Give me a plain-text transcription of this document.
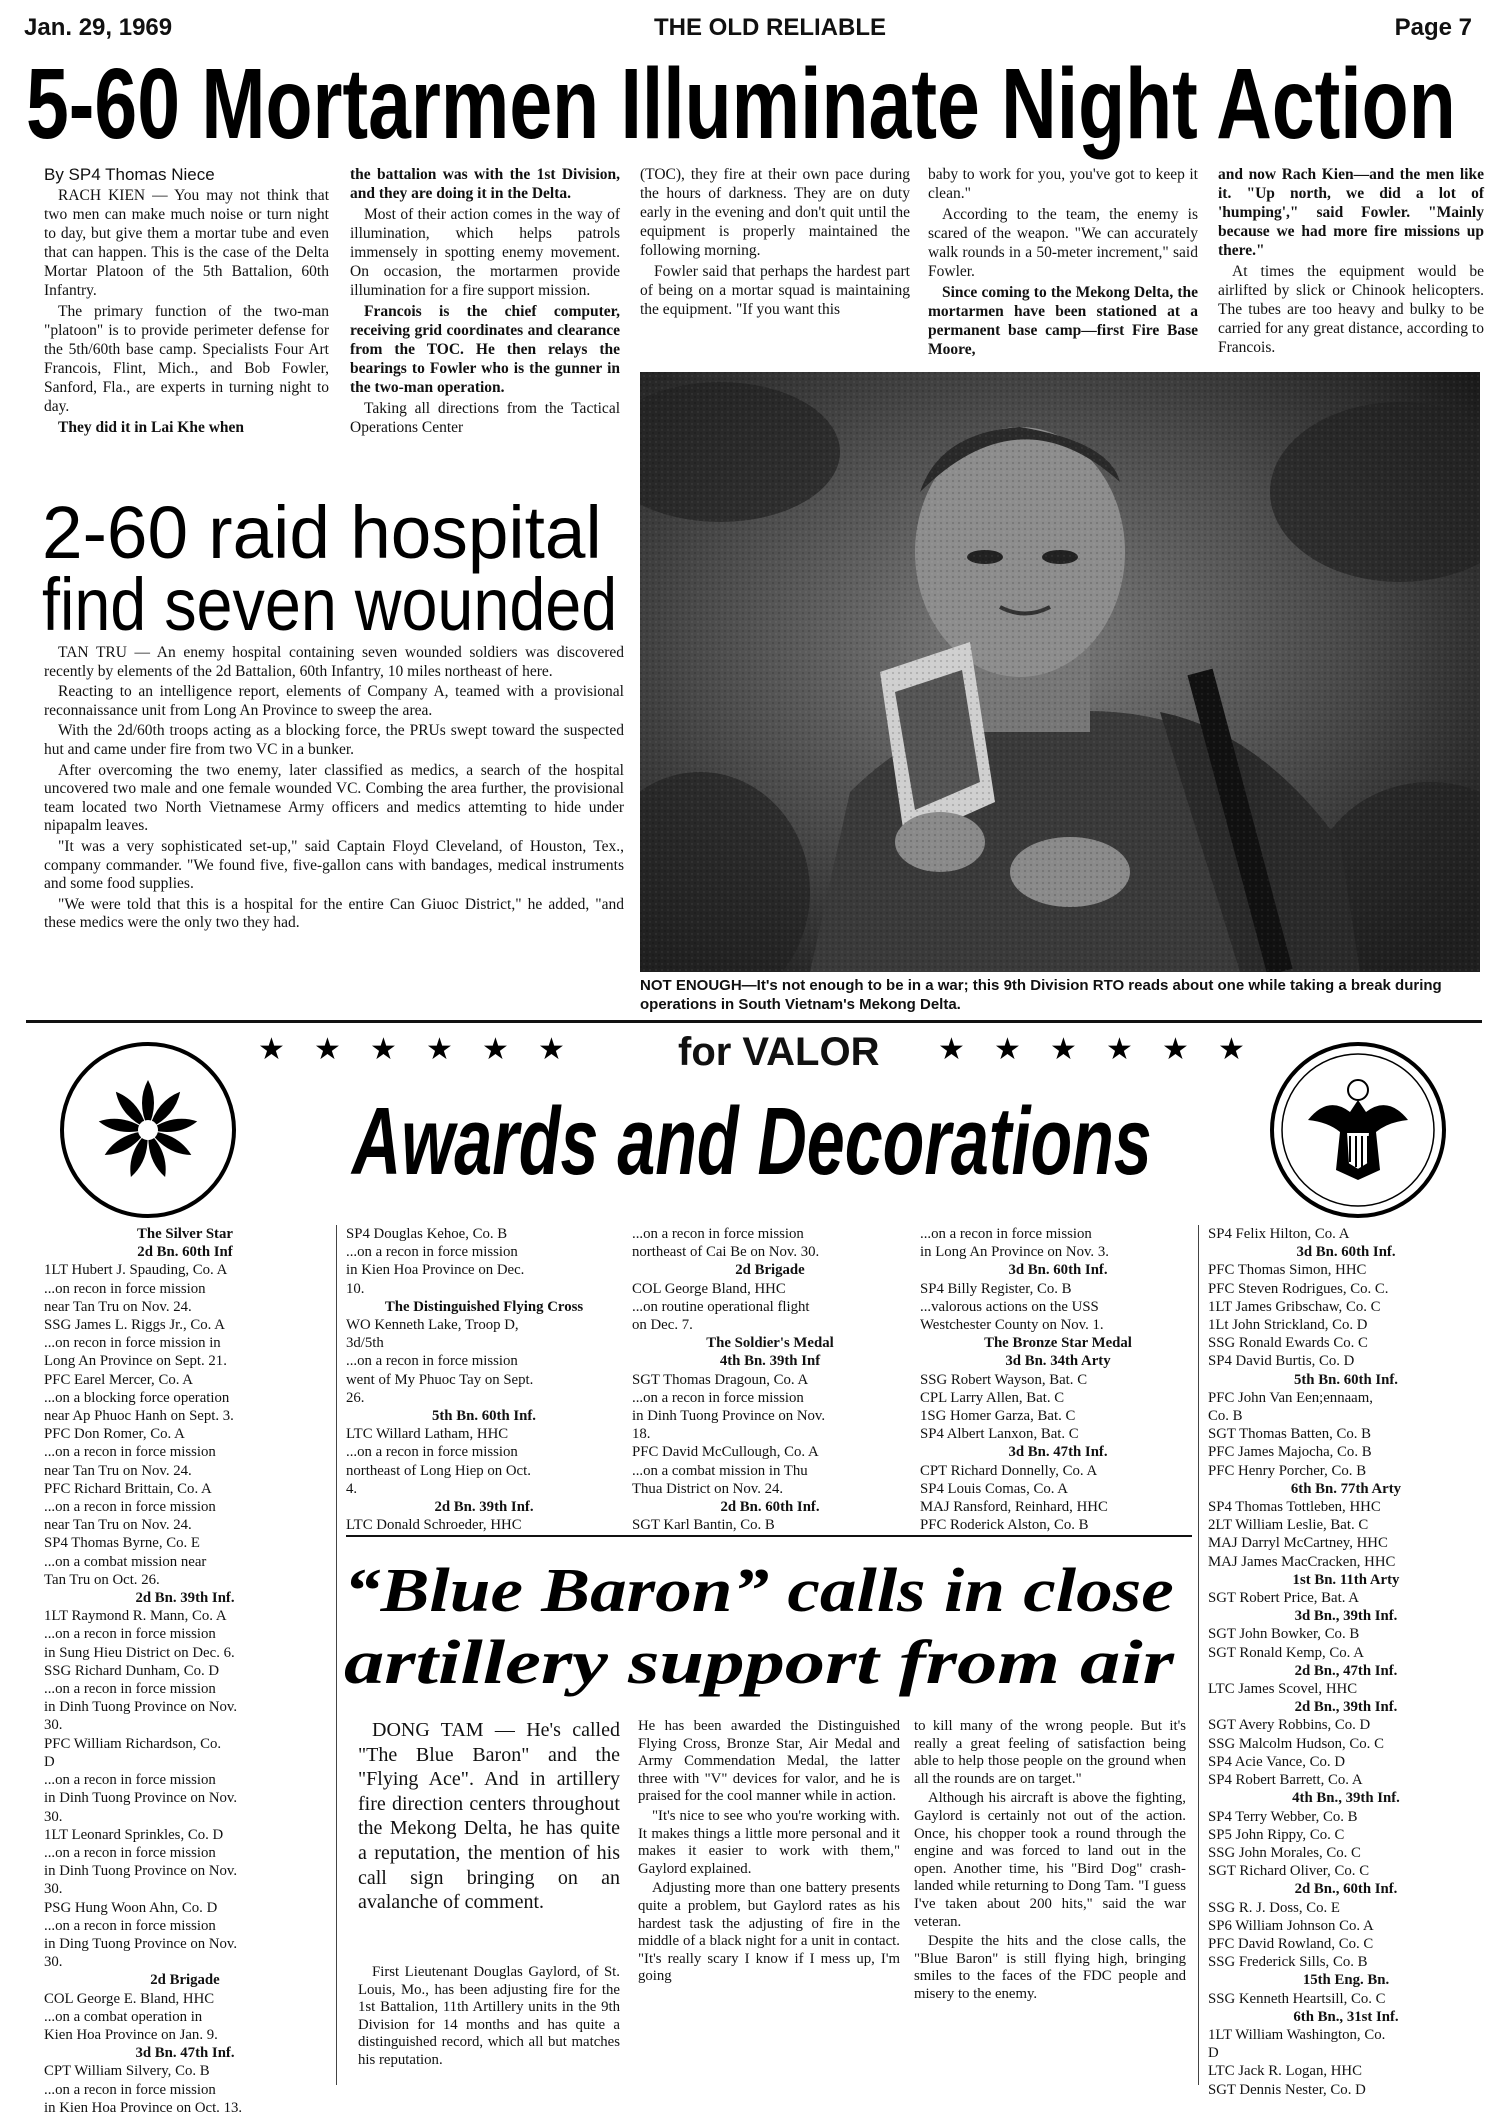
Jan. 29, 1969	THE OLD RELIABLE	Page 7
5-60 Mortarmen Illuminate Night Action

By SP4 Thomas Niece

RACH KIEN — You may not think that two men can make much noise or turn night to day, but give them a mortar tube and even that can happen. This is the case of the Delta Mortar Platoon of the 5th Battalion, 60th Infantry.

The primary function of the two-man "platoon" is to provide perimeter defense for the 5th/60th base camp. Specialists Four Art Francois, Flint, Mich., and Bob Fowler, Sanford, Fla., are experts in turning night to day.

They did it in Lai Khe when

the battalion was with the 1st Division, and they are doing it in the Delta.

Most of their action comes in the way of illumination, which helps patrols immensely in spotting enemy movement. On occasion, the mortarmen provide illumination for a fire support mission.

Francois is the chief computer, receiving grid coordinates and clearance from the TOC. He then relays the bearings to Fowler who is the gunner in the two-man operation.

Taking all directions from the Tactical Operations Center

(TOC), they fire at their own pace during the hours of darkness. They are on duty early in the evening and don't quit until the equipment is properly maintained the following morning.

Fowler said that perhaps the hardest part of being on a mortar squad is maintaining the equipment. "If you want this

baby to work for you, you've got to keep it clean."

According to the team, the enemy is scared of the weapon. "We can accurately walk rounds in a 50-meter increment," said Fowler.

Since coming to the Mekong Delta, the mortarmen have been stationed at a permanent base camp—first Fire Base Moore,

and now Rach Kien—and the men like it. "Up north, we did a lot of 'humping'," said Fowler. "Mainly because we had more fire missions up there."

At times the equipment would be airlifted by slick or Chinook helicopters. The tubes are too heavy and bulky to be carried for any great distance, according to Francois.

2-60 raid hospital
find seven wounded

TAN TRU — An enemy hospital containing seven wounded soldiers was discovered recently by elements of the 2d Battalion, 60th Infantry, 10 miles northeast of here.

Reacting to an intelligence report, elements of Company A, teamed with a provisional reconnaissance unit from Long An Province to sweep the area.

With the 2d/60th troops acting as a blocking force, the PRUs swept toward the suspected hut and came under fire from two VC in a bunker.

After overcoming the two enemy, later classified as medics, a search of the hospital uncovered two male and one female wounded VC. Combing the area further, the provisional team located two North Vietnamese Army officers and medics attemting to hide under nipapalm leaves.

"It was a very sophisticated set-up," said Captain Floyd Cleveland, of Houston, Tex., company commander. "We found five, five-gallon cans with bandages, medical instruments and some food supplies.

"We were told that this is a hospital for the entire Can Giuoc District," he added, "and these medics were the only two they had.

NOT ENOUGH—It's not enough to be in a war; this 9th Division RTO reads about one while taking a break during operations in South Vietnam's Mekong Delta.
★ ★ ★ ★ ★ ★	for VALOR ★ ★ ★ ★ ★ ★
Awards and Decorations
The Silver Star
2d Bn. 60th Inf
1LT Hubert J. Spauding, Co. A
...on recon in force mission
near Tan Tru on Nov. 24.
SSG James L. Riggs Jr., Co. A
...on recon in force mission in
Long An Province on Sept. 21.
PFC Earel Mercer, Co. A
...on a blocking force operation
near Ap Phuoc Hanh on Sept. 3.
PFC Don Romer, Co. A
...on a recon in force mission
near Tan Tru on Nov. 24.
PFC Richard Brittain, Co. A
...on a recon in force mission
near Tan Tru on Nov. 24.
SP4 Thomas Byrne, Co. E
...on a combat mission near
Tan Tru on Oct. 26.
2d Bn. 39th Inf.
1LT Raymond R. Mann, Co. A
...on a recon in force mission
in Sung Hieu District on Dec. 6.
SSG Richard Dunham, Co. D
...on a recon in force mission
in Dinh Tuong Province on Nov.
30.
PFC William Richardson, Co.
D
...on a recon in force mission
in Dinh Tuong Province on Nov.
30.
1LT Leonard Sprinkles, Co. D
...on a recon in force mission
in Dinh Tuong Province on Nov.
30.
PSG Hung Woon Ahn, Co. D
...on a recon in force mission
in Ding Tuong Province on Nov.
30.
2d Brigade
COL George E. Bland, HHC
...on a combat operation in
Kien Hoa Province on Jan. 9.
3d Bn. 47th Inf.
CPT William Silvery, Co. B
...on a recon in force mission
in Kien Hoa Province on Oct. 13.
SP4 Douglas Kehoe, Co. B
...on a recon in force mission
in Kien Hoa Province on Dec.
10.
The Distinguished Flying Cross
WO Kenneth Lake, Troop D,
3d/5th
...on a recon in force mission
went of My Phuoc Tay on Sept.
26.
5th Bn. 60th Inf.
LTC Willard Latham, HHC
...on a recon in force mission
northeast of Long Hiep on Oct.
4.
2d Bn. 39th Inf.
LTC Donald Schroeder, HHC
...on a recon in force mission
northeast of Cai Be on Nov. 30.
2d Brigade
COL George Bland, HHC
...on routine operational flight
on Dec. 7.
The Soldier's Medal
4th Bn. 39th Inf
SGT Thomas Dragoun, Co. A
...on a recon in force mission
in Dinh Tuong Province on Nov.
18.
PFC David McCullough, Co. A
...on a combat mission in Thu
Thua District on Nov. 24.
2d Bn. 60th Inf.
SGT Karl Bantin, Co. B
...on a recon in force mission
in Long An Province on Nov. 3.
3d Bn. 60th Inf.
SP4 Billy Register, Co. B
...valorous actions on the USS
Westchester County on Nov. 1.
The Bronze Star Medal
3d Bn. 34th Arty
SSG Robert Wayson, Bat. C
CPL Larry Allen, Bat. C
1SG Homer Garza, Bat. C
SP4 Albert Lanxon, Bat. C
3d Bn. 47th Inf.
CPT Richard Donnelly, Co. A
SP4 Louis Comas, Co. A
MAJ Ransford, Reinhard, HHC
PFC Roderick Alston, Co. B
SP4 Felix Hilton, Co. A
3d Bn. 60th Inf.
PFC Thomas Simon, HHC
PFC Steven Rodrigues, Co. C.
1LT James Gribschaw, Co. C
1Lt John Strickland, Co. D
SSG Ronald Ewards Co. C
SP4 David Burtis, Co. D
5th Bn. 60th Inf.
PFC John Van Een;ennaam,
Co. B
SGT Thomas Batten, Co. B
PFC James Majocha, Co. B
PFC Henry Porcher, Co. B
6th Bn. 77th Arty
SP4 Thomas Tottleben, HHC
2LT William Leslie, Bat. C
MAJ Darryl McCartney, HHC
MAJ James MacCracken, HHC
1st Bn. 11th Arty
SGT Robert Price, Bat. A
3d Bn., 39th Inf.
SGT John Bowker, Co. B
SGT Ronald Kemp, Co. A
2d Bn., 47th Inf.
LTC James Scovel, HHC
2d Bn., 39th Inf.
SGT Avery Robbins, Co. D
SSG Malcolm Hudson, Co. C
SP4 Acie Vance, Co. D
SP4 Robert Barrett, Co. A
4th Bn., 39th Inf.
SP4 Terry Webber, Co. B
SP5 John Rippy, Co. C
SSG John Morales, Co. C
SGT Richard Oliver, Co. C
2d Bn., 60th Inf.
SSG R. J. Doss, Co. E
SP6 William Johnson Co. A
PFC David Rowland, Co. C
SSG Frederick Sills, Co. B
15th Eng. Bn.
SSG Kenneth Heartsill, Co. C
6th Bn., 31st Inf.
1LT William Washington, Co.
D
LTC Jack R. Logan, HHC
SGT Dennis Nester, Co. D
“Blue Baron” calls in close
artillery support from air

DONG TAM — He's called "The Blue Baron" and the "Flying Ace". And in artillery fire direction centers throughout the Mekong Delta, he has quite a reputation, the mention of his call sign bringing on an avalanche of comment.

First Lieutenant Douglas Gaylord, of St. Louis, Mo., has been adjusting fire for the 1st Battalion, 11th Artillery units in the 9th Division for 14 months and has quite a distinguished record, which all but matches his reputation.

He has been awarded the Distinguished Flying Cross, Bronze Star, Air Medal and Army Commendation Medal, the latter three with "V" devices for valor, and he is praised for the cool manner while in action.

"It's nice to see who you're working with. It makes things a little more personal and it makes it easier to work with them," Gaylord explained.

Adjusting more than one battery presents quite a problem, but Gaylord rates as his hardest task the adjusting of fire in the middle of a black night for a unit in contact. "It's really scary I know if I mess up, I'm going

to kill many of the wrong people. But it's really a great feeling of satisfaction being able to help those people on the ground when all the rounds are on target."

Although his aircraft is above the fighting, Gaylord is certainly not out of the action. Once, his chopper took a round through the engine and was forced to land out in the open. Another time, his "Bird Dog" crash-landed while returning to Dong Tam. "I guess I've taken about 200 hits," said the war veteran.

Despite the hits and the close calls, the "Blue Baron" is still flying high, bringing smiles to the faces of the FDC people and misery to the enemy.
